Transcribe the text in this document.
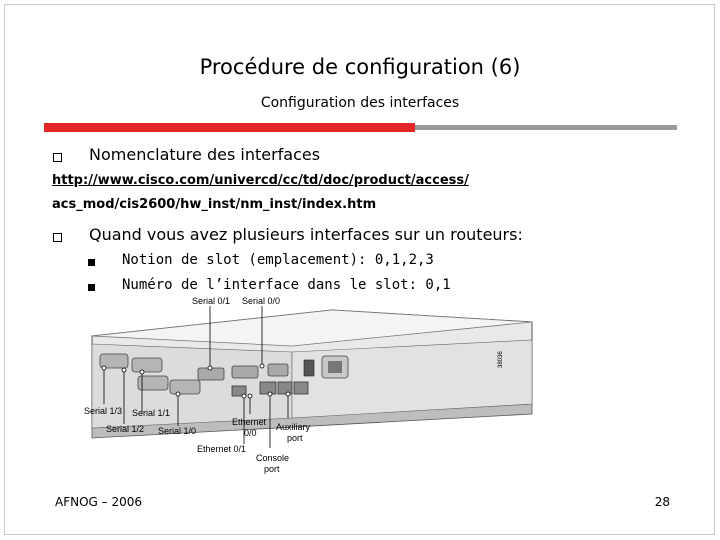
Procédure de configuration (6)
Configuration des interfaces
Nomenclature des interfaces
http://www.cisco.com/univercd/cc/td/doc/product/access/
acs_mod/cis2600/hw_inst/nm_inst/index.htm
Quand vous avez plusieurs interfaces sur un routeurs:
Notion de slot (emplacement): 0,1,2,3
Numéro de l’interface dans le slot: 0,1
38036
Serial 0/1 Serial 0/0
Serial 1/3 Serial 1/1
Serial 1/2 Serial 1/0
Ethernet
0/0
Ethernet 0/1
Auxiliary
port
Console
port
AFNOG – 2006	28
